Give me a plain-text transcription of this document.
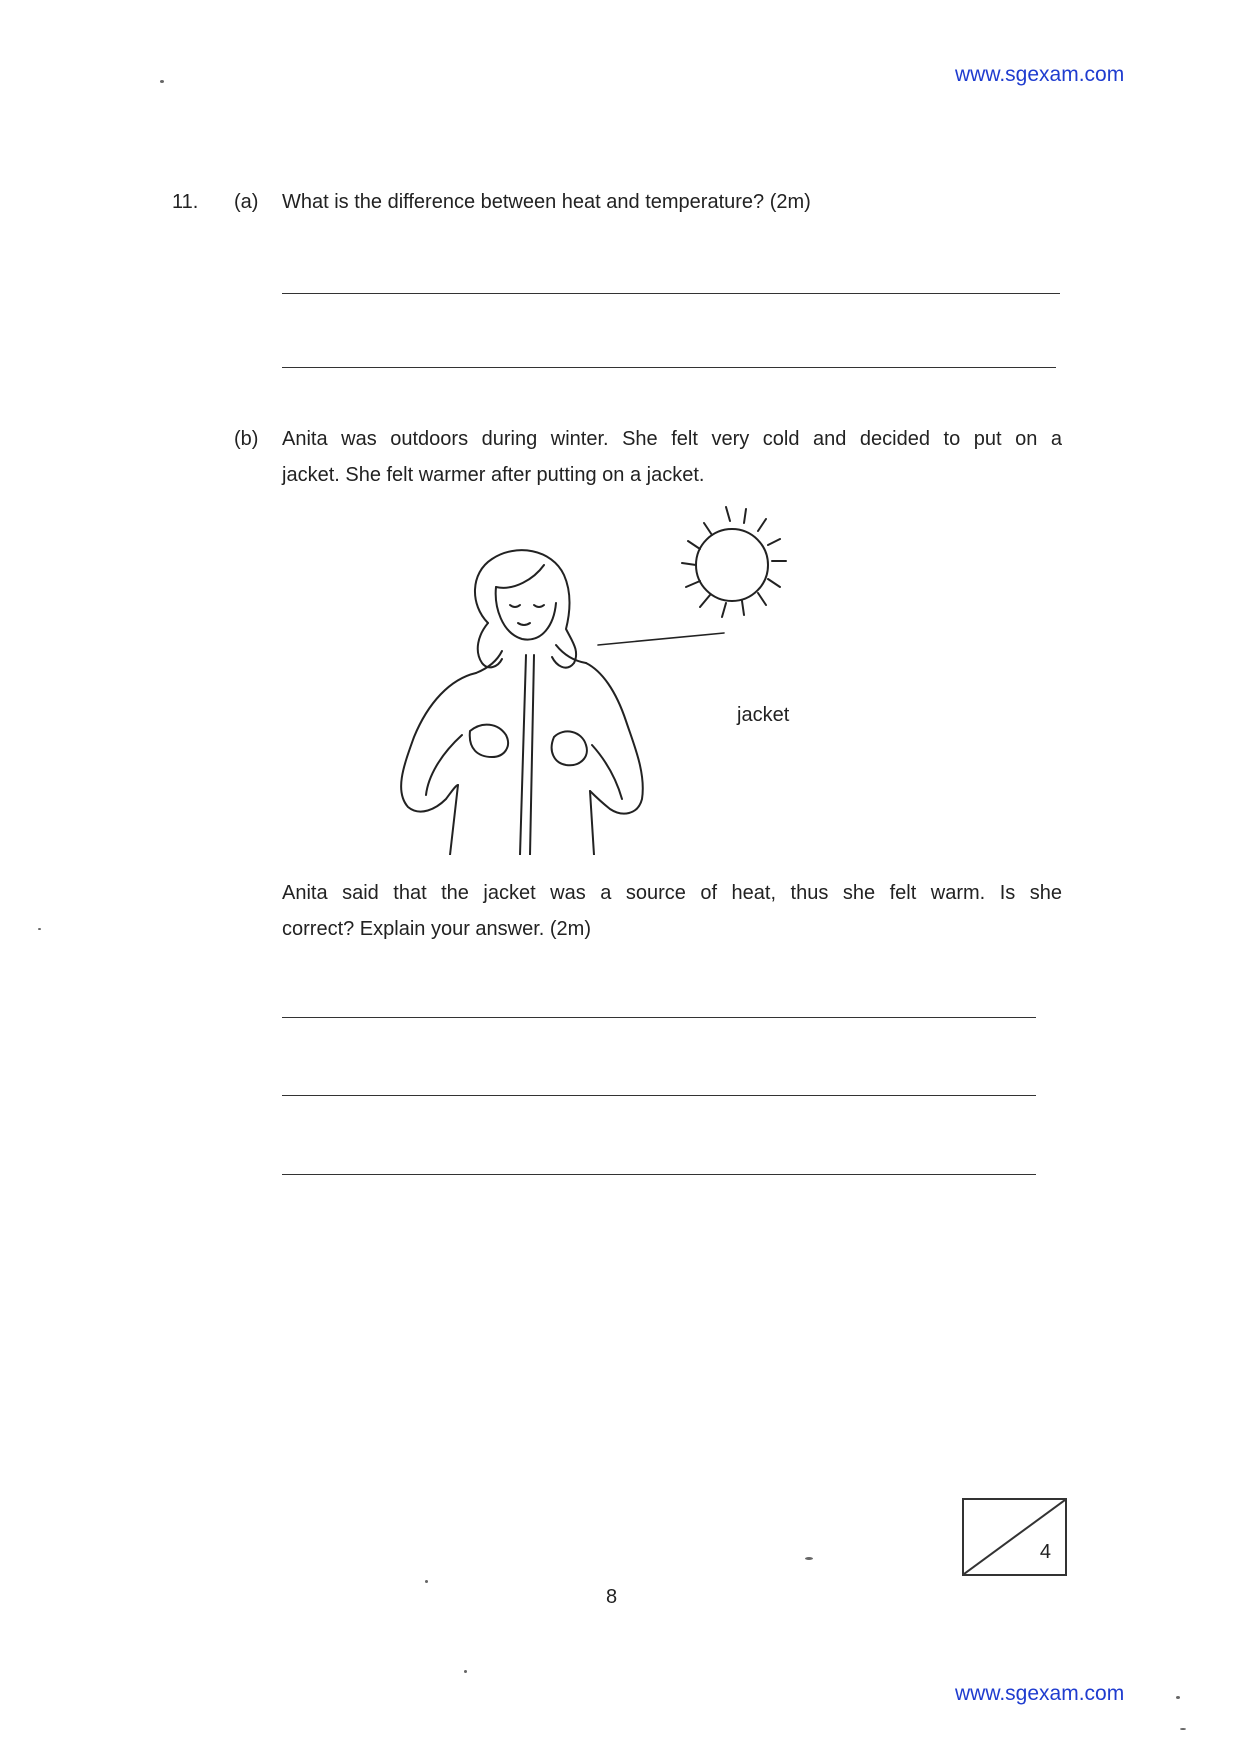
www.sgexam.com
11. (a) What is the difference between heat and temperature? (2m)
(b) Anita was outdoors during winter. She felt very cold and decided to put on a
jacket. She felt warmer after putting on a jacket.
jacket
Anita said that the jacket was a source of heat, thus she felt warm. Is she
correct? Explain your answer. (2m)
4
8
www.sgexam.com
